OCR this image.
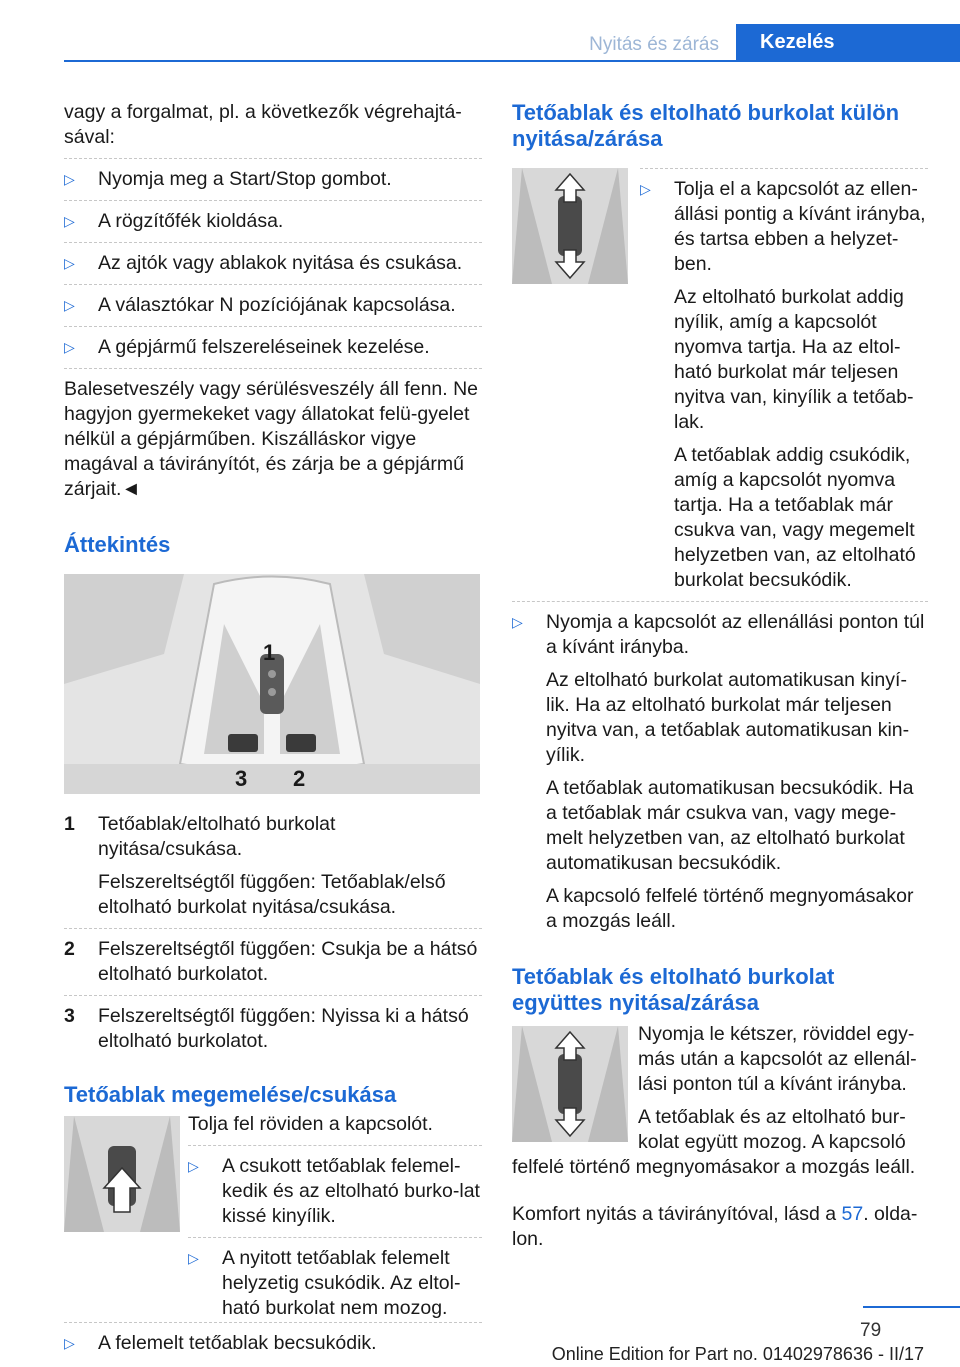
Nyitás és zárás	Kezelés

vagy a forgalmat, pl. a következők végrehajtá-sával:

▷ Nyomja meg a Start/Stop gombot.
▷ A rögzítőfék kioldása.
▷ Az ajtók vagy ablakok nyitása és csukása.
▷ A választókar N pozíciójának kapcsolása.
▷ A gépjármű felszereléseinek kezelése.

Balesetveszély vagy sérülésveszély áll fenn. Ne hagyjon gyermekeket vagy állatokat felü-gyelet nélkül a gépjárműben. Kiszálláskor vigye magával a távirányítót, és zárja be a gépjármű zárjait.◄

Áttekintés
1
2
3
1 Tetőablak/eltolható burkolat nyitása/csukása.

Felszereltségtől függően: Tetőablak/első eltolható burkolat nyitása/csukása.

2 Felszereltségtől függően: Csukja be a hátsó eltolható burkolatot.

3 Felszereltségtől függően: Nyissa ki a hátsó eltolható burkolatot.

Tetőablak megemelése/csukása

Tolja fel röviden a kapcsolót.

▷ A csukott tetőablak felemel-kedik és az eltolható burko-lat kissé kinyílik.
▷ A nyitott tetőablak felemelt helyzetig csukódik. Az eltol-ható burkolat nem mozog.
▷ A felemelt tetőablak becsukódik.
Tetőablak és eltolható burkolat külön nyitása/zárása
▷ Tolja el a kapcsolót az ellen-állási pontig a kívánt irányba, és tartsa ebben a helyzet-ben.

Az eltolható burkolat addig nyílik, amíg a kapcsolót nyomva tartja. Ha az eltol-ható burkolat már teljesen nyitva van, kinyílik a tetőab-lak.

A tetőablak addig csukódik, amíg a kapcsolót nyomva tartja. Ha a tetőablak már csukva van, vagy megemelt helyzetben van, az eltolható burkolat becsukódik.

▷ Nyomja a kapcsolót az ellenállási ponton túl a kívánt irányba.

Az eltolható burkolat automatikusan kinyí-lik. Ha az eltolható burkolat már teljesen nyitva van, a tetőablak automatikusan kin-yílik.

A tetőablak automatikusan becsukódik. Ha a tetőablak már csukva van, vagy mege-melt helyzetben van, az eltolható burkolat automatikusan becsukódik.

A kapcsoló felfelé történő megnyomásakor a mozgás leáll.

Tetőablak és eltolható burkolat együttes nyitása/zárása

Nyomja le kétszer, röviddel egy-más után a kapcsolót az ellenál-lási ponton túl a kívánt irányba.

A tetőablak és az eltolható bur-kolat együtt mozog. A kapcsoló felfelé történő megnyomásakor a mozgás leáll.

Komfort nyitás a távirányítóval, lásd a 57. olda-lon.

79
Online Edition for Part no. 01402978636 - II/17
